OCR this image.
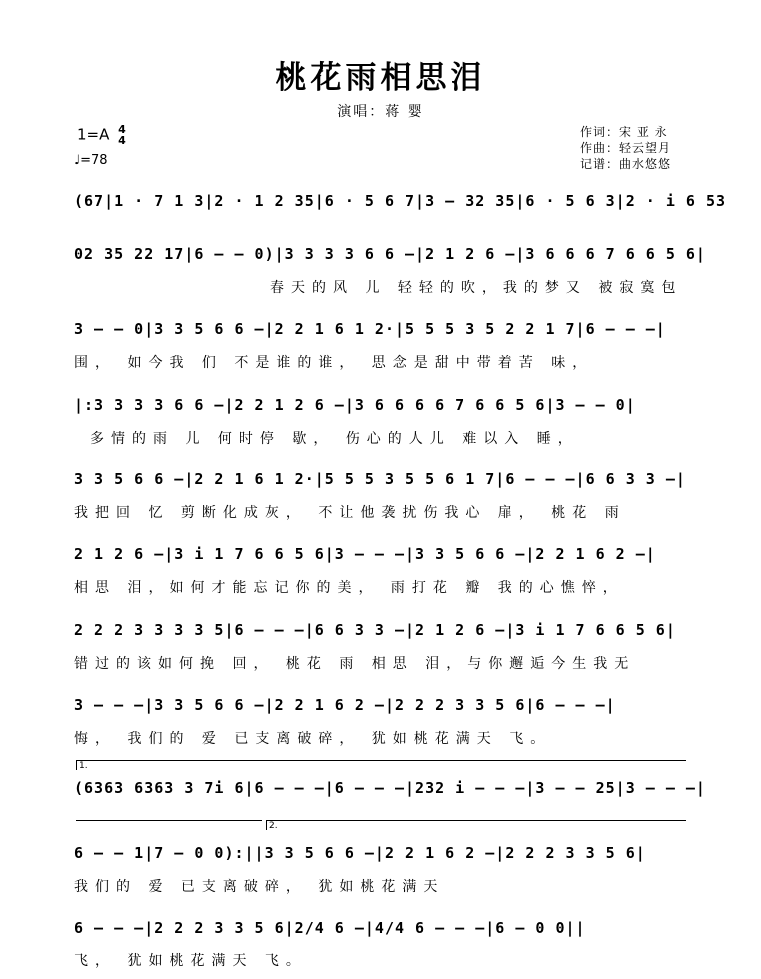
桃花雨相思泪
演唱：蒋 婴
1=A 4
4
♩=78
作词：宋 亚 永
作曲：轻云望月
记谱：曲水悠悠
(67|1 · 7 1 3|2 · 1 2 35|6 · 5 6 7|3 – 32 35|6 · 5 6 3|2 · i 6 53
02 35 22 17|6 – – 0)|3 3 3 3 6 6 –|2 1 2 6 –|3 6 6 6 7 6 6 5 6|
春天的风 儿 轻轻的吹，我的梦又 被寂寞包
3 – – 0|3 3 5 6 6 –|2 2 1 6 1 2·|5 5 5 3 5 2 2 1 7|6 – – –|
围， 如今我 们 不是谁的谁， 思念是甜中带着苦 味，
|:3 3 3 3 6 6 –|2 2 1 2 6 –|3 6 6 6 6 7 6 6 5 6|3 – – 0|
多情的雨 儿 何时停 歇， 伤心的人儿 难以入 睡，
3 3 5 6 6 –|2 2 1 6 1 2·|5 5 5 3 5 5 6 1 7|6 – – –|6 6 3 3 –|
我把回 忆 剪断化成灰， 不让他袭扰伤我心 扉， 桃花 雨
2 1 2 6 –|3 i 1 7 6 6 5 6|3 – – –|3 3 5 6 6 –|2 2 1 6 2 –|
相思 泪，如何才能忘记你的美， 雨打花 瓣 我的心憔悴，
2 2 2 3 3 3 3 5|6 – – –|6 6 3 3 –|2 1 2 6 –|3 i 1 7 6 6 5 6|
错过的该如何挽 回， 桃花 雨 相思 泪，与你邂逅今生我无
3 – – –|3 3 5 6 6 –|2 2 1 6 2 –|2 2 2 3 3 5 6|6 – – –|
悔， 我们的 爱 已支离破碎， 犹如桃花满天 飞。
1.
(6363 6363 3 7i 6|6 – – –|6 – – –|232 i – – –|3 – – 25|3 – – –|
2.
6 – – 1|7 – 0 0):||3 3 5 6 6 –|2 2 1 6 2 –|2 2 2 3 3 5 6|
我们的 爱 已支离破碎， 犹如桃花满天
6 – – –|2 2 2 3 3 5 6|2/4 6 –|4/4 6 – – –|6 – 0 0||
飞， 犹如桃花满天 飞。
